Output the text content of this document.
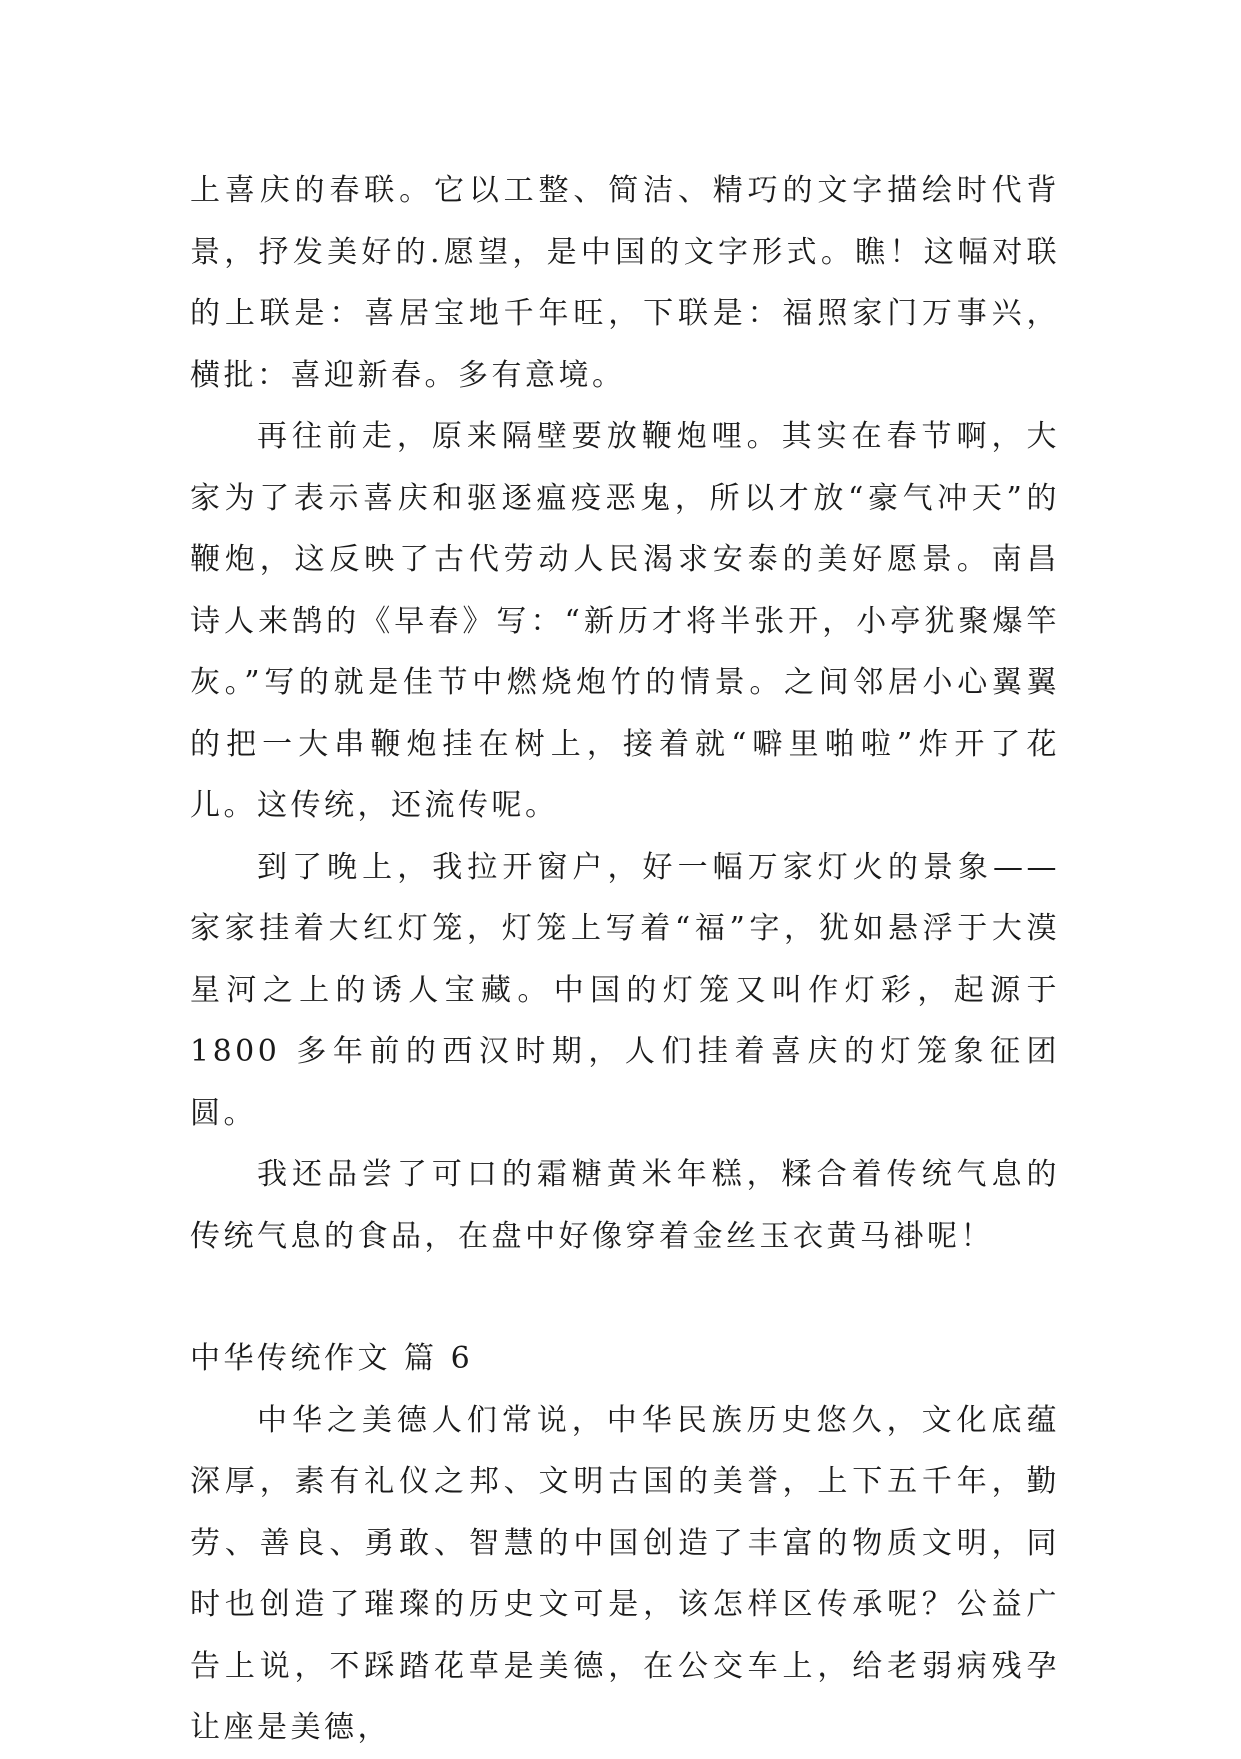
上喜庆的春联。它以工整、简洁、精巧的文字描绘时代背景，抒发美好的.愿望，是中国的文字形式。瞧！这幅对联的上联是：喜居宝地千年旺，下联是：福照家门万事兴，横批：喜迎新春。多有意境。

再往前走，原来隔壁要放鞭炮哩。其实在春节啊，大家为了表示喜庆和驱逐瘟疫恶鬼，所以才放“豪气冲天”的鞭炮，这反映了古代劳动人民渴求安泰的美好愿景。南昌诗人来鹄的《早春》写：“新历才将半张开，小亭犹聚爆竿灰。”写的就是佳节中燃烧炮竹的情景。之间邻居小心翼翼的把一大串鞭炮挂在树上，接着就“噼里啪啦”炸开了花儿。这传统，还流传呢。

到了晚上，我拉开窗户，好一幅万家灯火的景象——家家挂着大红灯笼，灯笼上写着“福”字，犹如悬浮于大漠星河之上的诱人宝藏。中国的灯笼又叫作灯彩，起源于 1800 多年前的西汉时期，人们挂着喜庆的灯笼象征团圆。

我还品尝了可口的霜糖黄米年糕，糅合着传统气息的传统气息的食品，在盘中好像穿着金丝玉衣黄马褂呢！

中华传统作文 篇 6

中华之美德人们常说，中华民族历史悠久，文化底蕴深厚，素有礼仪之邦、文明古国的美誉，上下五千年，勤劳、善良、勇敢、智慧的中国创造了丰富的物质文明，同时也创造了璀璨的历史文可是，该怎样区传承呢？公益广告上说，不踩踏花草是美德，在公交车上，给老弱病残孕让座是美德，
